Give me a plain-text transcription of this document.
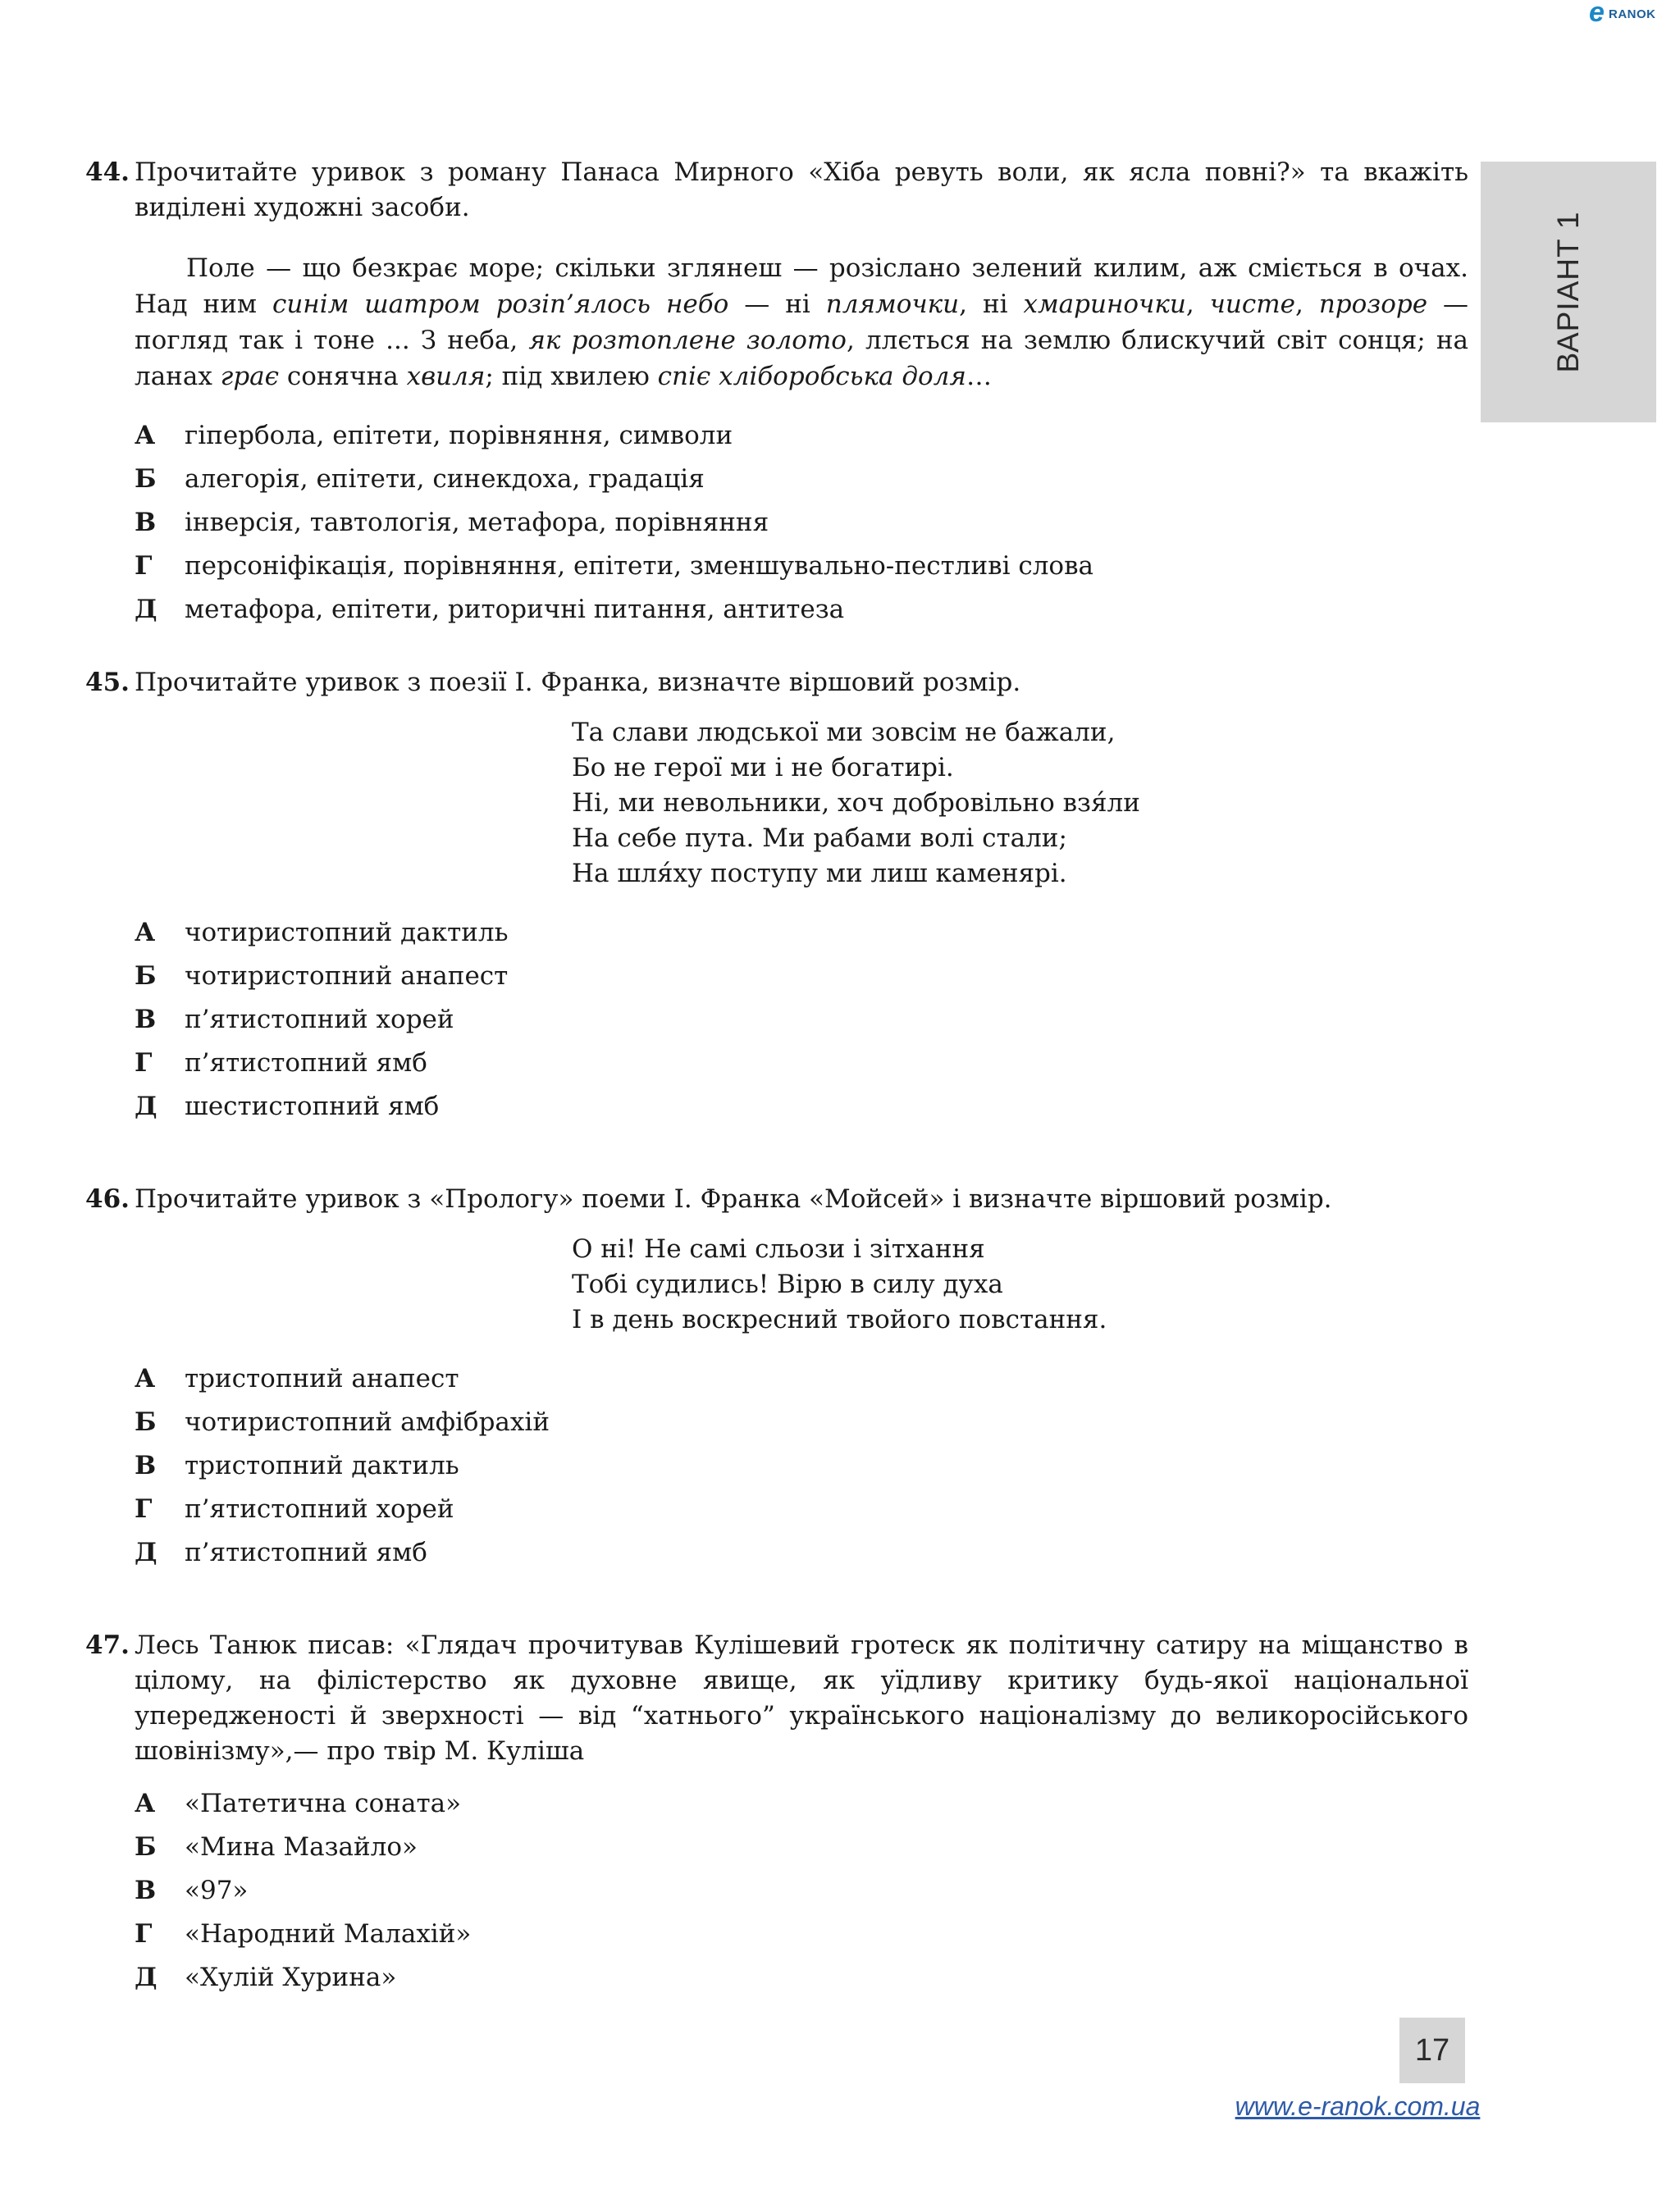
e RANOK
ВАРІАНТ 1
44. Прочитайте уривок з роману Панаса Мирного «Хіба ревуть воли, як ясла повні?» та вкажіть виділені художні засоби.
Поле — що безкрає море; скільки зглянеш — розіслано зелений килим, аж сміється в очах. Над ним синім шатром розіп’ялось небо — ні плямочки, ні хмариночки, чисте, прозоре — погляд так і тоне ... З неба, як розтоплене золото, ллється на землю блискучий світ сонця; на ланах грає сонячна хвиля; під хвилею спіє хліборобська доля…
А гіпербола, епітети, порівняння, символи
Б алегорія, епітети, синекдоха, градація
В інверсія, тавтологія, метафора, порівняння
Г персоніфікація, порівняння, епітети, зменшувально-пестливі слова
Д метафора, епітети, риторичні питання, антитеза
45. Прочитайте уривок з поезії І. Франка, визначте віршовий розмір.
Та слави людської ми зовсім не бажали,
Бо не герої ми і не богатирі.
Ні, ми невольники, хоч добровільно взя́ли
На себе пута. Ми рабами волі стали;
На шля́ху поступу ми лиш каменярі.
А чотиристопний дактиль
Б чотиристопний анапест
В п’ятистопний хорей
Г п’ятистопний ямб
Д шестистопний ямб
46. Прочитайте уривок з «Прологу» поеми І. Франка «Мойсей» і визначте віршовий розмір.
О ні! Не самі сльози і зітхання
Тобі судились! Вірю в силу духа
І в день воскресний твойого повстання.
А тристопний анапест
Б чотиристопний амфібрахій
В тристопний дактиль
Г п’ятистопний хорей
Д п’ятистопний ямб
47. Лесь Танюк писав: «Глядач прочитував Кулішевий гротеск як політичну сатиру на міщанство в цілому, на філістерство як духовне явище, як уїдливу критику будь-якої національної упередженості й зверхності — від “хатнього” українського націоналізму до великоросійського шовінізму»,— про твір М. Куліша
А «Патетична соната»
Б «Мина Мазайло»
В «97»
Г «Народний Малахій»
Д «Хулій Хурина»
17
www.e-ranok.com.ua
